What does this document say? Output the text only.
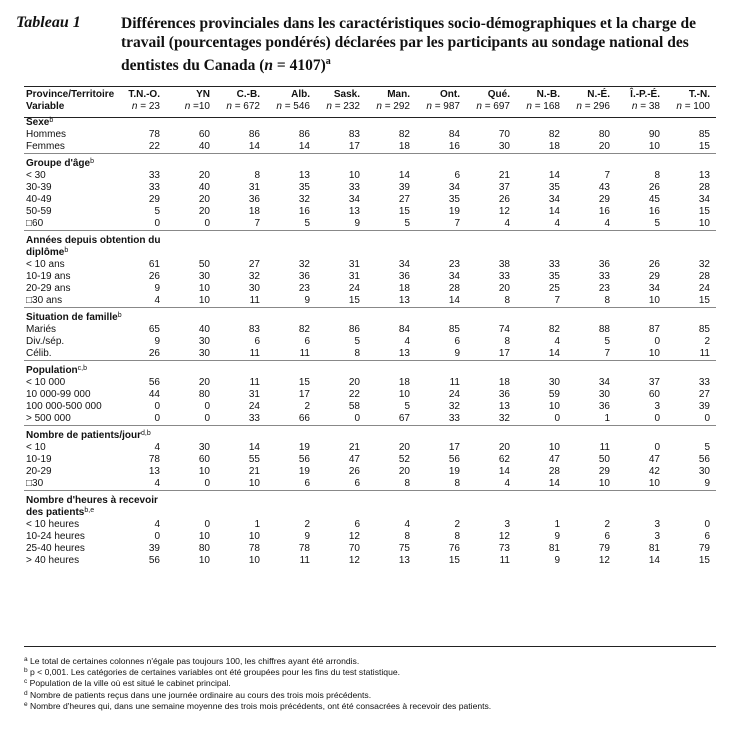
Tableau 1	Différences provinciales dans les caractéristiques socio-démographiques et la charge de travail (pourcentages pondérés) déclarées par les participants au sondage national des dentistes du Canada (n = 4107)$^a$
Province/Territoire	T.N.-O.	YN	C.-B.	Alb.	Sask.	Man.	Ont.	Qué.	N.-B.	N.-É.	Î.-P.-É.	T.-N.
Variable	n = 23	n =10	n = 672	n = 546	n = 232	n = 292	n = 987	n = 697	n = 168	n = 296	n = 38	n = 100
Sexe$^b$											
Hommes	78	60	86	86	83	82	84	70	82	80	90	85
Femmes	22	40	14	14	17	18	16	30	18	20	10	15
Groupe d'âge$^b$											
< 30	33	20	8	13	10	14	6	21	14	7	8	13
30-39	33	40	31	35	33	39	34	37	35	43	26	28
40-49	29	20	36	32	34	27	35	26	34	29	45	34
50-59	5	20	18	16	13	15	19	12	14	16	16	15
□60	0	0	7	5	9	5	7	4	4	4	5	10
Années depuis obtention du diplôme$^b$											
< 10 ans	61	50	27	32	31	34	23	38	33	36	26	32
10-19 ans	26	30	32	36	31	36	34	33	35	33	29	28
20-29 ans	9	10	30	23	24	18	28	20	25	23	34	24
□30 ans	4	10	11	9	15	13	14	8	7	8	10	15
Situation de famille$^b$											
Mariés	65	40	83	82	86	84	85	74	82	88	87	85
Div./sép.	9	30	6	6	5	4	6	8	4	5	0	2
Célib.	26	30	11	11	8	13	9	17	14	7	10	11
Population$^{c,b}$											
< 10 000	56	20	11	15	20	18	11	18	30	34	37	33
10 000-99 000	44	80	31	17	22	10	24	36	59	30	60	27
100 000-500 000	0	0	24	2	58	5	32	13	10	36	3	39
> 500 000	0	0	33	66	0	67	33	32	0	1	0	0
Nombre de patients/jour$^{d,b}$											
< 10	4	30	14	19	21	20	17	20	10	11	0	5
10-19	78	60	55	56	47	52	56	62	47	50	47	56
20-29	13	10	21	19	26	20	19	14	28	29	42	30
□30	4	0	10	6	6	8	8	4	14	10	10	9
Nombre d'heures à recevoir des patients$^{b,e}$											
< 10 heures	4	0	1	2	6	4	2	3	1	2	3	0
10-24 heures	0	10	10	9	12	8	8	12	9	6	3	6
25-40 heures	39	80	78	78	70	75	76	73	81	79	81	79
> 40 heures	56	10	10	11	12	13	15	11	9	12	14	15
$^a$ Le total de certaines colonnes n'égale pas toujours 100, les chiffres ayant été arrondis.
$^b$ p < 0,001. Les catégories de certaines variables ont été groupées pour les fins du test statistique.
$^c$ Population de la ville où est situé le cabinet principal.
$^d$ Nombre de patients reçus dans une journée ordinaire au cours des trois mois précédents.
$^e$ Nombre d'heures qui, dans une semaine moyenne des trois mois précédents, ont été consacrées à recevoir des patients.
